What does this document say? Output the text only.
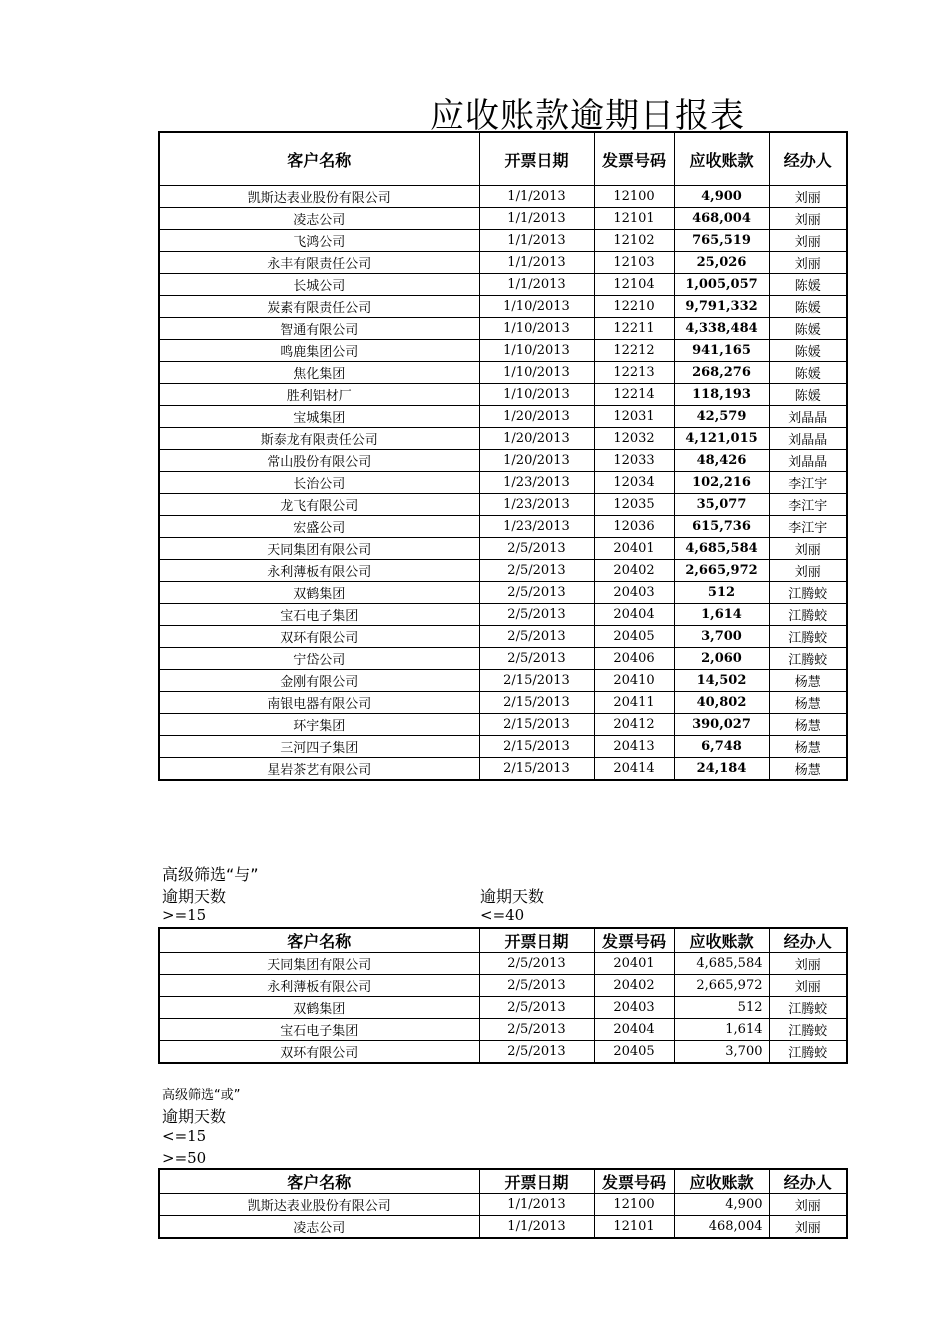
应收账款逾期日报表
客户名称	开票日期	发票号码	应收账款	经办人
凯斯达表业股份有限公司	1/1/2013	12100	4,900	刘丽
凌志公司	1/1/2013	12101	468,004	刘丽
飞鸿公司	1/1/2013	12102	765,519	刘丽
永丰有限责任公司	1/1/2013	12103	25,026	刘丽
长城公司	1/1/2013	12104	1,005,057	陈媛
炭素有限责任公司	1/10/2013	12210	9,791,332	陈媛
智通有限公司	1/10/2013	12211	4,338,484	陈媛
鸣鹿集团公司	1/10/2013	12212	941,165	陈媛
焦化集团	1/10/2013	12213	268,276	陈媛
胜利铝材厂	1/10/2013	12214	118,193	陈媛
宝城集团	1/20/2013	12031	42,579	刘晶晶
斯泰龙有限责任公司	1/20/2013	12032	4,121,015	刘晶晶
常山股份有限公司	1/20/2013	12033	48,426	刘晶晶
长治公司	1/23/2013	12034	102,216	李江宇
龙飞有限公司	1/23/2013	12035	35,077	李江宇
宏盛公司	1/23/2013	12036	615,736	李江宇
天同集团有限公司	2/5/2013	20401	4,685,584	刘丽
永利薄板有限公司	2/5/2013	20402	2,665,972	刘丽
双鹤集团	2/5/2013	20403	512	江腾蛟
宝石电子集团	2/5/2013	20404	1,614	江腾蛟
双环有限公司	2/5/2013	20405	3,700	江腾蛟
宁岱公司	2/5/2013	20406	2,060	江腾蛟
金刚有限公司	2/15/2013	20410	14,502	杨慧
南银电器有限公司	2/15/2013	20411	40,802	杨慧
环宇集团	2/15/2013	20412	390,027	杨慧
三河四子集团	2/15/2013	20413	6,748	杨慧
星岩茶艺有限公司	2/15/2013	20414	24,184	杨慧
高级筛选“与”
逾期天数
>=15
逾期天数
<=40
客户名称	开票日期	发票号码	应收账款	经办人
天同集团有限公司	2/5/2013	20401	4,685,584	刘丽
永利薄板有限公司	2/5/2013	20402	2,665,972	刘丽
双鹤集团	2/5/2013	20403	512	江腾蛟
宝石电子集团	2/5/2013	20404	1,614	江腾蛟
双环有限公司	2/5/2013	20405	3,700	江腾蛟
高级筛选“或”
逾期天数
<=15
>=50
客户名称	开票日期	发票号码	应收账款	经办人
凯斯达表业股份有限公司	1/1/2013	12100	4,900	刘丽
凌志公司	1/1/2013	12101	468,004	刘丽
